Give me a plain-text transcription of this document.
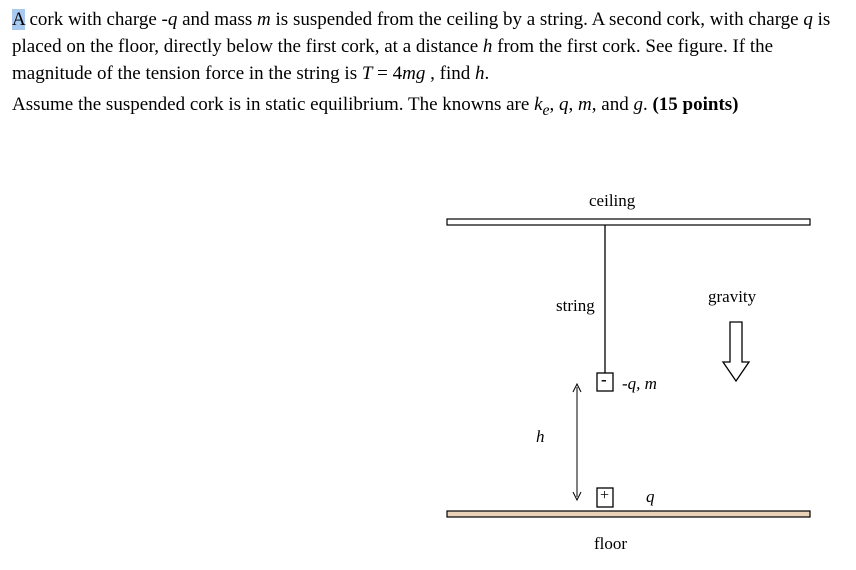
A cork with charge -q and mass m is suspended from the ceiling by a string. A second cork, with charge q is placed on the floor, directly below the first cork, at a distance h from the first cork. See figure. If the magnitude of the tension force in the string is T = 4mg , find h.

Assume the suspended cork is in static equilibrium. The knowns are $k_e$, q, m, and g. (15 points)

ceiling
string	gravity
h
- -q, m
+ q
floor
